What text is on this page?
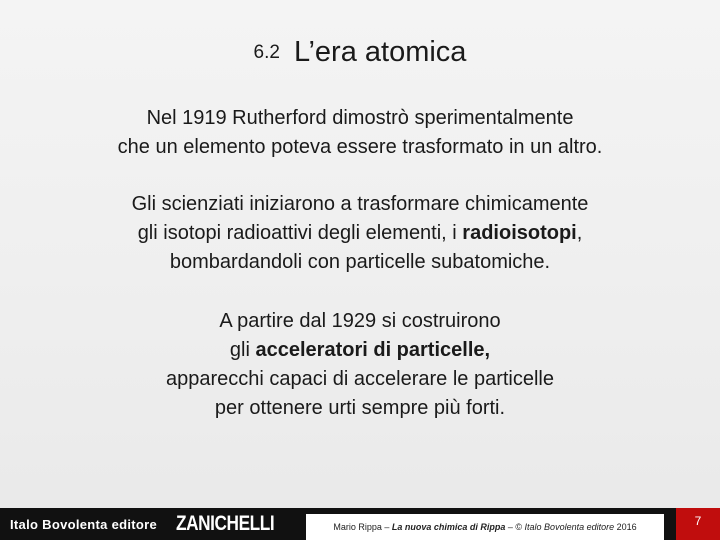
6.2 L’era atomica

Nel 1919 Rutherford dimostrò sperimentalmente
che un elemento poteva essere trasformato in un altro.

Gli scienziati iniziarono a trasformare chimicamente
gli isotopi radioattivi degli elementi, i radioisotopi,
bombardandoli con particelle subatomiche.

A partire dal 1929 si costruirono
gli acceleratori di particelle,
apparecchi capaci di accelerare le particelle
per ottenere urti sempre più forti.

Italo Bovolenta editore ZANICHELLI	Mario Rippa – La nuova chimica di Rippa – © Italo Bovolenta editore 2016	7
